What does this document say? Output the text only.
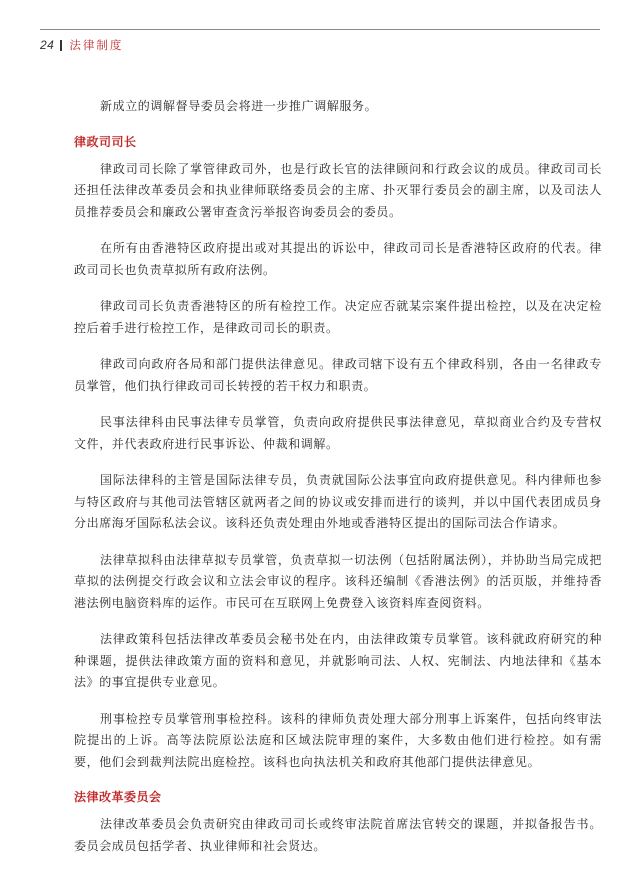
24 法律制度

新成立的调解督导委员会将进一步推广调解服务。

律政司司长

律政司司长除了掌管律政司外，也是行政长官的法律顾问和行政会议的成员。律政司司长还担任法律改革委员会和执业律师联络委员会的主席、扑灭罪行委员会的副主席，以及司法人员推荐委员会和廉政公署审查贪污举报咨询委员会的委员。

在所有由香港特区政府提出或对其提出的诉讼中，律政司司长是香港特区政府的代表。律政司司长也负责草拟所有政府法例。

律政司司长负责香港特区的所有检控工作。决定应否就某宗案件提出检控，以及在决定检控后着手进行检控工作，是律政司司长的职责。

律政司向政府各局和部门提供法律意见。律政司辖下设有五个律政科别，各由一名律政专员掌管，他们执行律政司司长转授的若干权力和职责。

民事法律科由民事法律专员掌管，负责向政府提供民事法律意见，草拟商业合约及专营权文件，并代表政府进行民事诉讼、仲裁和调解。

国际法律科的主管是国际法律专员，负责就国际公法事宜向政府提供意见。科内律师也参与特区政府与其他司法管辖区就两者之间的协议或安排而进行的谈判，并以中国代表团成员身分出席海牙国际私法会议。该科还负责处理由外地或香港特区提出的国际司法合作请求。

法律草拟科由法律草拟专员掌管，负责草拟一切法例（包括附属法例），并协助当局完成把草拟的法例提交行政会议和立法会审议的程序。该科还编制《香港法例》的活页版，并维持香港法例电脑资料库的运作。市民可在互联网上免费登入该资料库查阅资料。

法律政策科包括法律改革委员会秘书处在内，由法律政策专员掌管。该科就政府研究的种种课题，提供法律政策方面的资料和意见，并就影响司法、人权、宪制法、内地法律和《基本法》的事宜提供专业意见。

刑事检控专员掌管刑事检控科。该科的律师负责处理大部分刑事上诉案件，包括向终审法院提出的上诉。高等法院原讼法庭和区域法院审理的案件，大多数由他们进行检控。如有需要，他们会到裁判法院出庭检控。该科也向执法机关和政府其他部门提供法律意见。

法律改革委员会

法律改革委员会负责研究由律政司司长或终审法院首席法官转交的课题，并拟备报告书。委员会成员包括学者、执业律师和社会贤达。
